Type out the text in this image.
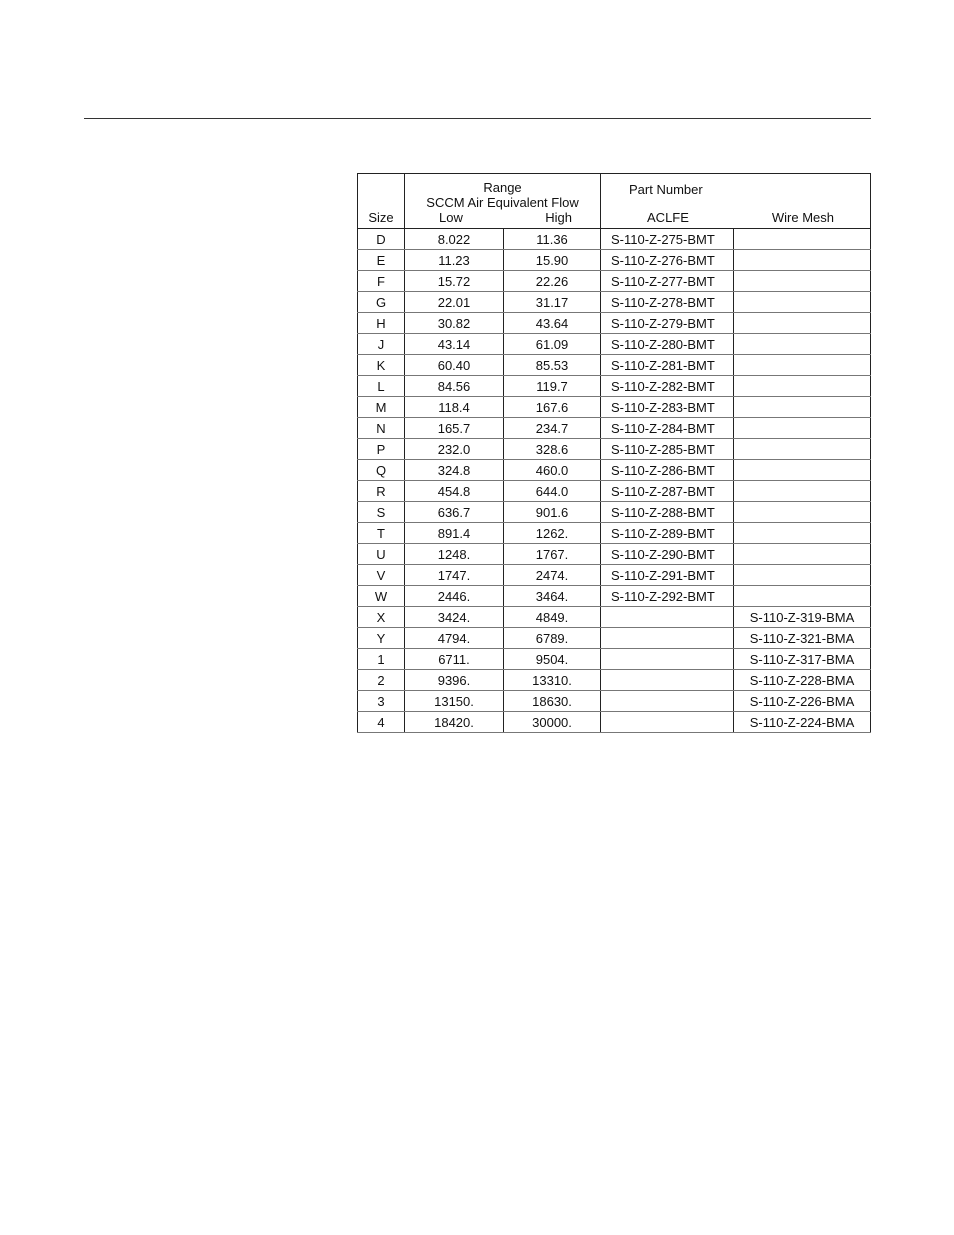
Size	Range
SCCM Air Equivalent Flow
Low High		Part Number
ACLFE Wire Mesh	

D	8.022	11.36	S-110-Z-275-BMT	
E	11.23	15.90	S-110-Z-276-BMT	
F	15.72	22.26	S-110-Z-277-BMT	
G	22.01	31.17	S-110-Z-278-BMT	
H	30.82	43.64	S-110-Z-279-BMT	
J	43.14	61.09	S-110-Z-280-BMT	
K	60.40	85.53	S-110-Z-281-BMT	
L	84.56	119.7	S-110-Z-282-BMT	
M	118.4	167.6	S-110-Z-283-BMT	
N	165.7	234.7	S-110-Z-284-BMT	
P	232.0	328.6	S-110-Z-285-BMT	
Q	324.8	460.0	S-110-Z-286-BMT	
R	454.8	644.0	S-110-Z-287-BMT	
S	636.7	901.6	S-110-Z-288-BMT	
T	891.4	1262.	S-110-Z-289-BMT	
U	1248.	1767.	S-110-Z-290-BMT	
V	1747.	2474.	S-110-Z-291-BMT	
W	2446.	3464.	S-110-Z-292-BMT	
X	3424.	4849.		S-110-Z-319-BMA
Y	4794.	6789.		S-110-Z-321-BMA
1	6711.	9504.		S-110-Z-317-BMA
2	9396.	13310.		S-110-Z-228-BMA
3	13150.	18630.		S-110-Z-226-BMA
4	18420.	30000.		S-110-Z-224-BMA
